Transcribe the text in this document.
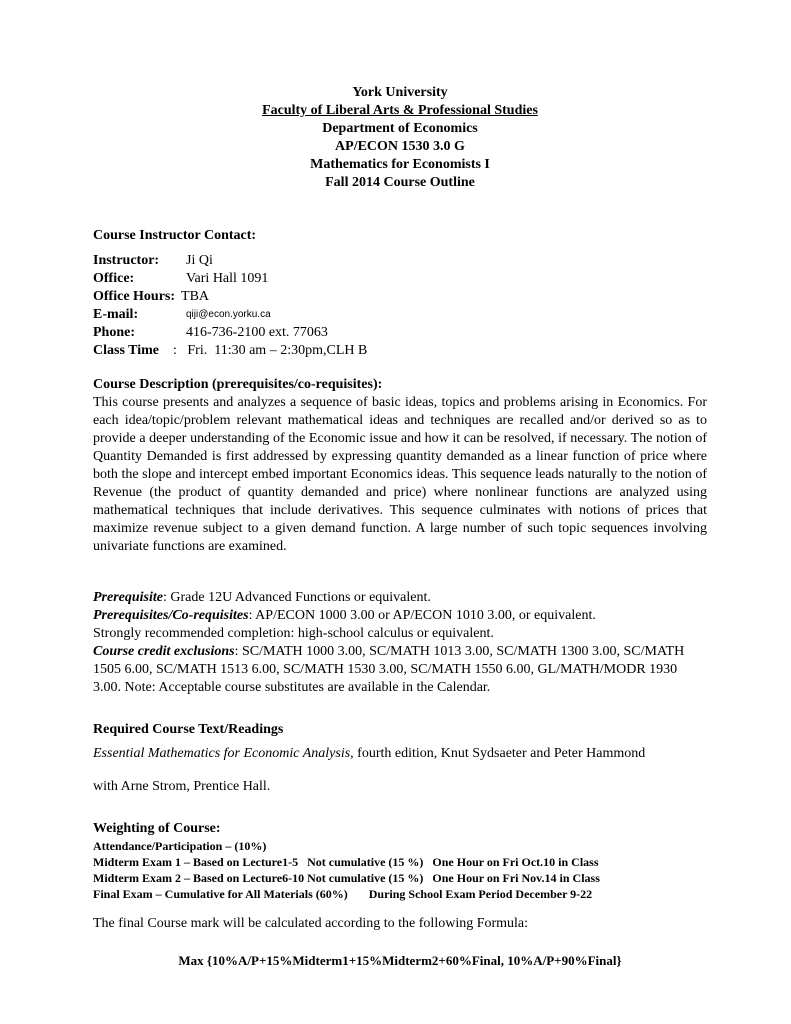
York University
Faculty of Liberal Arts & Professional Studies
Department of Economics
AP/ECON 1530 3.0 G
Mathematics for Economists I
Fall 2014 Course Outline
Course Instructor Contact:
Instructor:	Ji Qi
Office:	Vari Hall 1091
Office Hours: TBA
E-mail:	qiji@econ.yorku.ca
Phone:	416-736-2100 ext. 77063
Class Time	:   Fri.  11:30 am – 2:30pm,CLH B
Course Description (prerequisites/co-requisites):
This course presents and analyzes a sequence of basic ideas, topics and problems arising in Economics. For each idea/topic/problem relevant mathematical ideas and techniques are recalled and/or derived so as to provide a deeper understanding of the Economic issue and how it can be resolved, if necessary. The notion of Quantity Demanded is first addressed by expressing quantity demanded as a linear function of price where both the slope and intercept embed important Economics ideas. This sequence leads naturally to the notion of Revenue (the product of quantity demanded and price) where nonlinear functions are analyzed using mathematical techniques that include derivatives. This sequence culminates with notions of prices that maximize revenue subject to a given demand function. A large number of such topic sequences involving univariate functions are examined.
Prerequisite: Grade 12U Advanced Functions or equivalent.
Prerequisites/Co-requisites: AP/ECON 1000 3.00 or AP/ECON 1010 3.00, or equivalent.
Strongly recommended completion: high-school calculus or equivalent.
Course credit exclusions: SC/MATH 1000 3.00, SC/MATH 1013 3.00, SC/MATH 1300 3.00, SC/MATH 1505 6.00, SC/MATH 1513 6.00, SC/MATH 1530 3.00, SC/MATH 1550 6.00, GL/MATH/MODR 1930 3.00. Note: Acceptable course substitutes are available in the Calendar.
Required Course Text/Readings

Essential Mathematics for Economic Analysis, fourth edition, Knut Sydsaeter and Peter Hammond

with Arne Strom, Prentice Hall.

Weighting of Course:
Attendance/Participation – (10%)
Midterm Exam 1 – Based on Lecture1-5   Not cumulative (15 %)   One Hour on Fri Oct.10 in Class
Midterm Exam 2 – Based on Lecture6-10 Not cumulative (15 %)   One Hour on Fri Nov.14 in Class
Final Exam – Cumulative for All Materials (60%)       During School Exam Period December 9-22
The final Course mark will be calculated according to the following Formula:
Max {10%A/P+15%Midterm1+15%Midterm2+60%Final, 10%A/P+90%Final}
